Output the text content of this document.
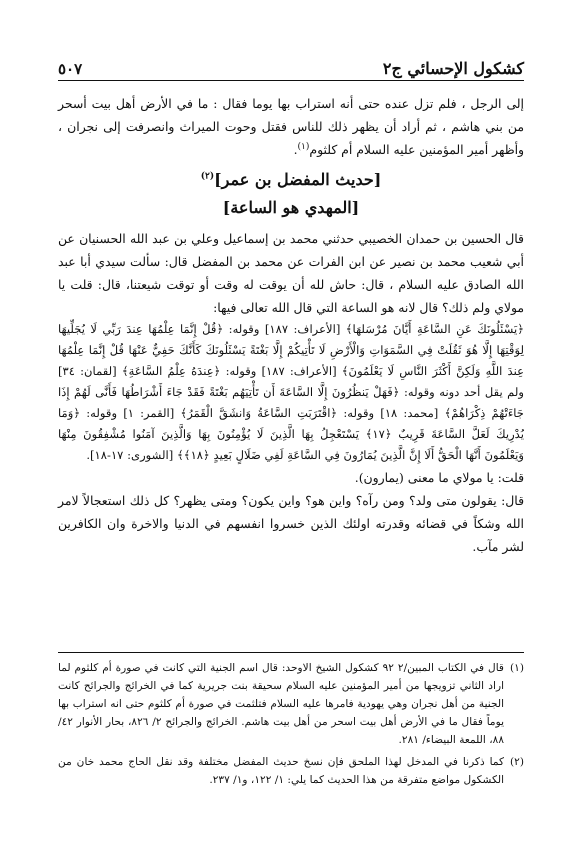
كشكول الإحسائي ج٢
٥٠٧

إلى الرجل ، فلم تزل عنده حتى أنه استراب بها يوما فقال : ما في الأرض أهل بيت أسحر من بني هاشم ، ثم أراد أن يظهر ذلك للناس فقتل وحوت الميراث وانصرفت إلى نجران ، وأظهر أمير المؤمنين عليه السلام أم كلثوم$^{(١)}$.

[حديث المفضل بن عمر]$^{(٢)}$
[المهدي هو الساعة]

قال الحسين بن حمدان الخصيبي حدثني محمد بن إسماعيل وعلي بن عبد الله الحسنيان عن أبي شعيب محمد بن نصير عن ابن الفرات عن محمد بن المفضل قال: سألت سيدي أبا عبد الله الصادق عليه السلام ، قال: حاش لله أن يوقت له وقت أو توقت شيعتنا، قال: قلت يا مولاي ولم ذلك؟ قال لانه هو الساعة التي قال الله تعالى فيها:

﴿يَسْئَلُونَكَ عَنِ السَّاعَةِ أَيَّانَ مُرْسَلهَا﴾ [الأعراف: ١٨٧] وقوله: ﴿قُلْ إِنَّمَا عِلْمُهَا عِندَ رَبِّي لَا يُجَلِّيهَا لِوَقْتِهَا إِلَّا هُوَ ثَقُلَتْ فِي السَّمَوَاتِ وَالْأَرْضِ لَا تَأْتِيكُمْ إِلَّا بَغْتَةً يَسْئَلُونَكَ كَأَنَّكَ حَفِيٌّ عَنْهَا قُلْ إِنَّمَا عِلْمُهَا عِندَ اللَّهِ وَلَكِنَّ أَكْثَرَ النَّاسِ لَا يَعْلَمُونَ﴾ [الأعراف: ١٨٧] وقوله: ﴿عِندَهُ عِلْمُ السَّاعَةِ﴾ [لقمان: ٣٤] ولم يقل أحد دونه وقوله: ﴿فَهَلْ يَنظُرُونَ إِلَّا السَّاعَةَ أَن تَأْتِيَهُم بَغْتَةً فَقَدْ جَاءَ أَشْرَاطُهَا فَأَنَّى لَهُمْ إِذَا جَاءَتْهُمْ ذِكْرَاهُمْ﴾ [محمد: ١٨] وقوله: ﴿اقْتَرَبَتِ السَّاعَةُ وَانشَقَّ الْقَمَرُ﴾ [القمر: ١] وقوله: ﴿وَمَا يُدْرِيكَ لَعَلَّ السَّاعَةَ قَرِيبٌ ﴿١٧﴾ يَسْتَعْجِلُ بِهَا الَّذِينَ لَا يُؤْمِنُونَ بِهَا وَالَّذِينَ آمَنُوا مُشْفِقُونَ مِنْهَا وَيَعْلَمُونَ أَنَّهَا الْحَقُّ أَلَا إِنَّ الَّذِينَ يُمَارُونَ فِي السَّاعَةِ لَفِي ضَلَالٍ بَعِيدٍ ﴿١٨﴾﴾ [الشورى: ١٧-١٨].

قلت: يا مولاي ما معنى (يمارون).

قال: يقولون متى ولد؟ ومن رآه؟ واين هو؟ واين يكون؟ ومتى يظهر؟ كل ذلك استعجالاً لامر الله وشكاً في قضائه وقدرته اولئك الذين خسروا انفسهم في الدنيا والاخرة وان الكافرين لشر مآب.

(١)
قال في الكتاب المبين/٢ ٩٢ كشكول الشيخ الاوحد: قال اسم الجنية التي كانت في صورة أم كلثوم لما اراد الثاني تزويجها من أمير المؤمنين عليه السلام سحيقة بنت جريرية كما في الخرائج والجرائح كانت الجنية من أهل نجران وهي يهودية فامرها عليه السلام فتلثمت في صورة أم كلثوم حتى انه استراب بها يوماً فقال ما في الأرض أهل بيت اسحر من أهل بيت هاشم. الخرائج والجرائح ٢/ ٨٢٦، بحار الأنوار ٤٢/ ٨٨، اللمعة البيضاء/ ٢٨١.
(٢)
كما ذكرنا في المدخل لهذا الملحق فإن نسخ حديث المفضل مختلفة وقد نقل الحاج محمد خان من الكشكول مواضع متفرقة من هذا الحديث كما يلي: ١/ ١٢٢، و١/ ٢٣٧.
